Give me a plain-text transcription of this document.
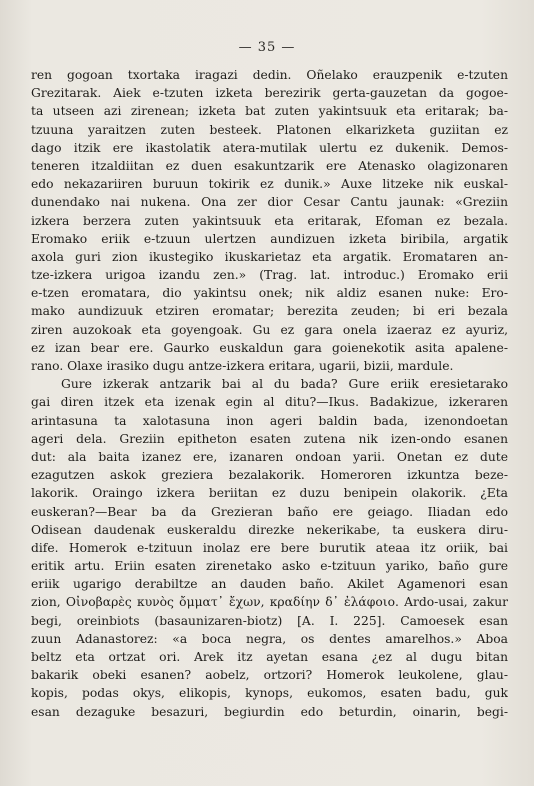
— 35 —
ren gogoan txortaka iragazi dedin. Oñelako erauzpenik e-tzuten
Grezitarak. Aiek e-tzuten izketa berezirik gerta-gauzetan da gogoe-
ta utseen azi zirenean; izketa bat zuten yakintsuuk eta eritarak; ba-
tzuuna yaraitzen zuten besteek. Platonen elkarizketa guziitan ez
dago itzik ere ikastolatik atera-mutilak ulertu ez dukenik. Demos-
teneren itzaldiitan ez duen esakuntzarik ere Atenasko olagizonaren
edo nekazariiren buruun tokirik ez dunik.» Auxe litzeke nik euskal-
dunendako nai nukena. Ona zer dior Cesar Cantu jaunak: «Greziin
izkera berzera zuten yakintsuuk eta eritarak, Efoman ez bezala.
Eromako eriik e-tzuun ulertzen aundizuen izketa biribila, argatik
axola guri zion ikustegiko ikuskarietaz eta argatik. Eromataren an-
tze-izkera urigoa izandu zen.» (Trag. lat. introduc.) Eromako erii
e-tzen eromatara, dio yakintsu onek; nik aldiz esanen nuke: Ero-
mako aundizuuk etziren eromatar; berezita zeuden; bi eri bezala
ziren auzokoak eta goyengoak. Gu ez gara onela izaeraz ez ayuriz,
ez izan bear ere. Gaurko euskaldun gara goienekotik asita apalene-
rano. Olaxe irasiko dugu antze-izkera eritara, ugarii, bizii, mardule.
Gure izkerak antzarik bai al du bada? Gure eriik eresietarako
gai diren itzek eta izenak egin al ditu?—Ikus. Badakizue, izkeraren
arintasuna ta xalotasuna inon ageri baldin bada, izenondoetan
ageri dela. Greziin epitheton esaten zutena nik izen-ondo esanen
dut: ala baita izanez ere, izanaren ondoan yarii. Onetan ez dute
ezagutzen askok greziera bezalakorik. Homeroren izkuntza beze-
lakorik. Oraingo izkera beriitan ez duzu benipein olakorik. ¿Eta
euskeran?—Bear ba da Grezieran baño ere geiago. Iliadan edo
Odisean daudenak euskeraldu direzke nekerikabe, ta euskera diru-
dife. Homerok e-tzituun inolaz ere bere burutik ateaa itz oriik, bai
eritik artu. Eriin esaten zirenetako asko e-tzituun yariko, baño gure
eriik ugarigo derabiltze an dauden baño. Akilet Agamenori esan
zion, Οἰνοβαρὲς κυνὸς ὄμματ᾽ ἔχων, κραδίην δ᾽ ἐλάφοιο. Ardo-usai, zakur
begi, oreinbiots (basaunizaren-biotz) [A. I. 225]. Camoesek esan
zuun Adanastorez: «a boca negra, os dentes amarelhos.» Aboa
beltz eta ortzat ori. Arek itz ayetan esana ¿ez al dugu bitan
bakarik obeki esanen? aobelz, ortzori? Homerok leukolene, glau-
kopis, podas okys, elikopis, kynops, eukomos, esaten badu, guk
esan dezaguke besazuri, begiurdin edo beturdin, oinarin, begi-
